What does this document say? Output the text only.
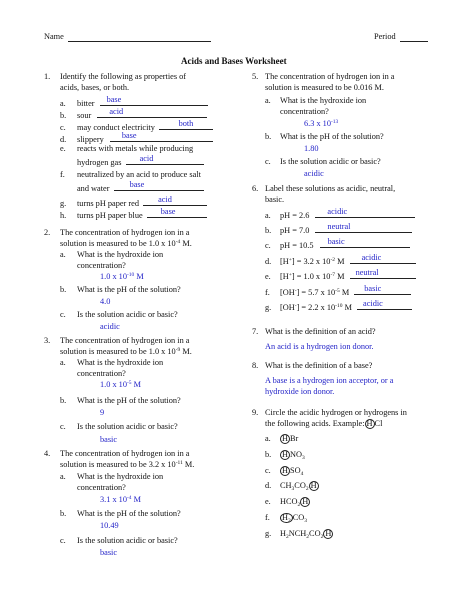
Name	Period
Acids and Bases Worksheet
1. Identify the following as properties of
acids, bases, or both.
a. bitter	base
b. sour	acid
c. may conduct electricity	both
d. slippery	base
e. reacts with metals while producing
hydrogen gas	acid
f. neutralized by an acid to produce salt
and water	base
g. turns pH paper red	acid
h. turns pH paper blue	base
2. The concentration of hydrogen ion in a
solution is measured to be 1.0 x $10^{-4}$ M.
a. What is the hydroxide ion
concentration?
1.0 x $10^{-10}$ M
b. What is the pH of the solution?
4.0
c. Is the solution acidic or basic?
acidic
3. The concentration of hydrogen ion in a
solution is measured to be 1.0 x $10^{-9}$ M.
a. What is the hydroxide ion
concentration?
1.0 x $10^{-5}$ M
b. What is the pH of the solution?
9
c. Is the solution acidic or basic?
basic
4. The concentration of hydrogen ion in a
solution is measured to be 3.2 x $10^{-11}$ M.
a. What is the hydroxide ion
concentration?
3.1 x $10^{-4}$ M
b. What is the pH of the solution?
10.49
c. Is the solution acidic or basic?
basic
5. The concentration of hydrogen ion in a
solution is measured to be 0.016 M.
a. What is the hydroxide ion
concentration?
6.3 x $10^{-13}$
b. What is the pH of the solution?
1.80
c. Is the solution acidic or basic?
acidic
6. Label these solutions as acidic, neutral,
basic.
a. pH = 2.6	acidic
b. pH = 7.0	neutral
c. pH = 10.5	basic
d. [H+] = 3.2 x $10^{-2}$ M	acidic
e. [H+] = 1.0 x $10^{-7}$ M	neutral
f. [OH-] = 5.7 x $10^{-5}$ M	basic
g. [OH-] = 2.2 x $10^{-10}$ M	acidic
7. What is the definition of an acid?
An acid is a hydrogen ion donor.
8. What is the definition of a base?
A base is a hydrogen ion acceptor, or a
hydroxide ion donor.
9. Circle the acidic hydrogen or hydrogens in
the following acids. Example: H Cl
a. H Br
b. H $NO_3$
c. H $SO_4$
d. $CH_3CO_2$ H
e. $HCO_2$ H
f. $H_2$ $CO_3$
g. $H_2NCH_2CO_2$ H
